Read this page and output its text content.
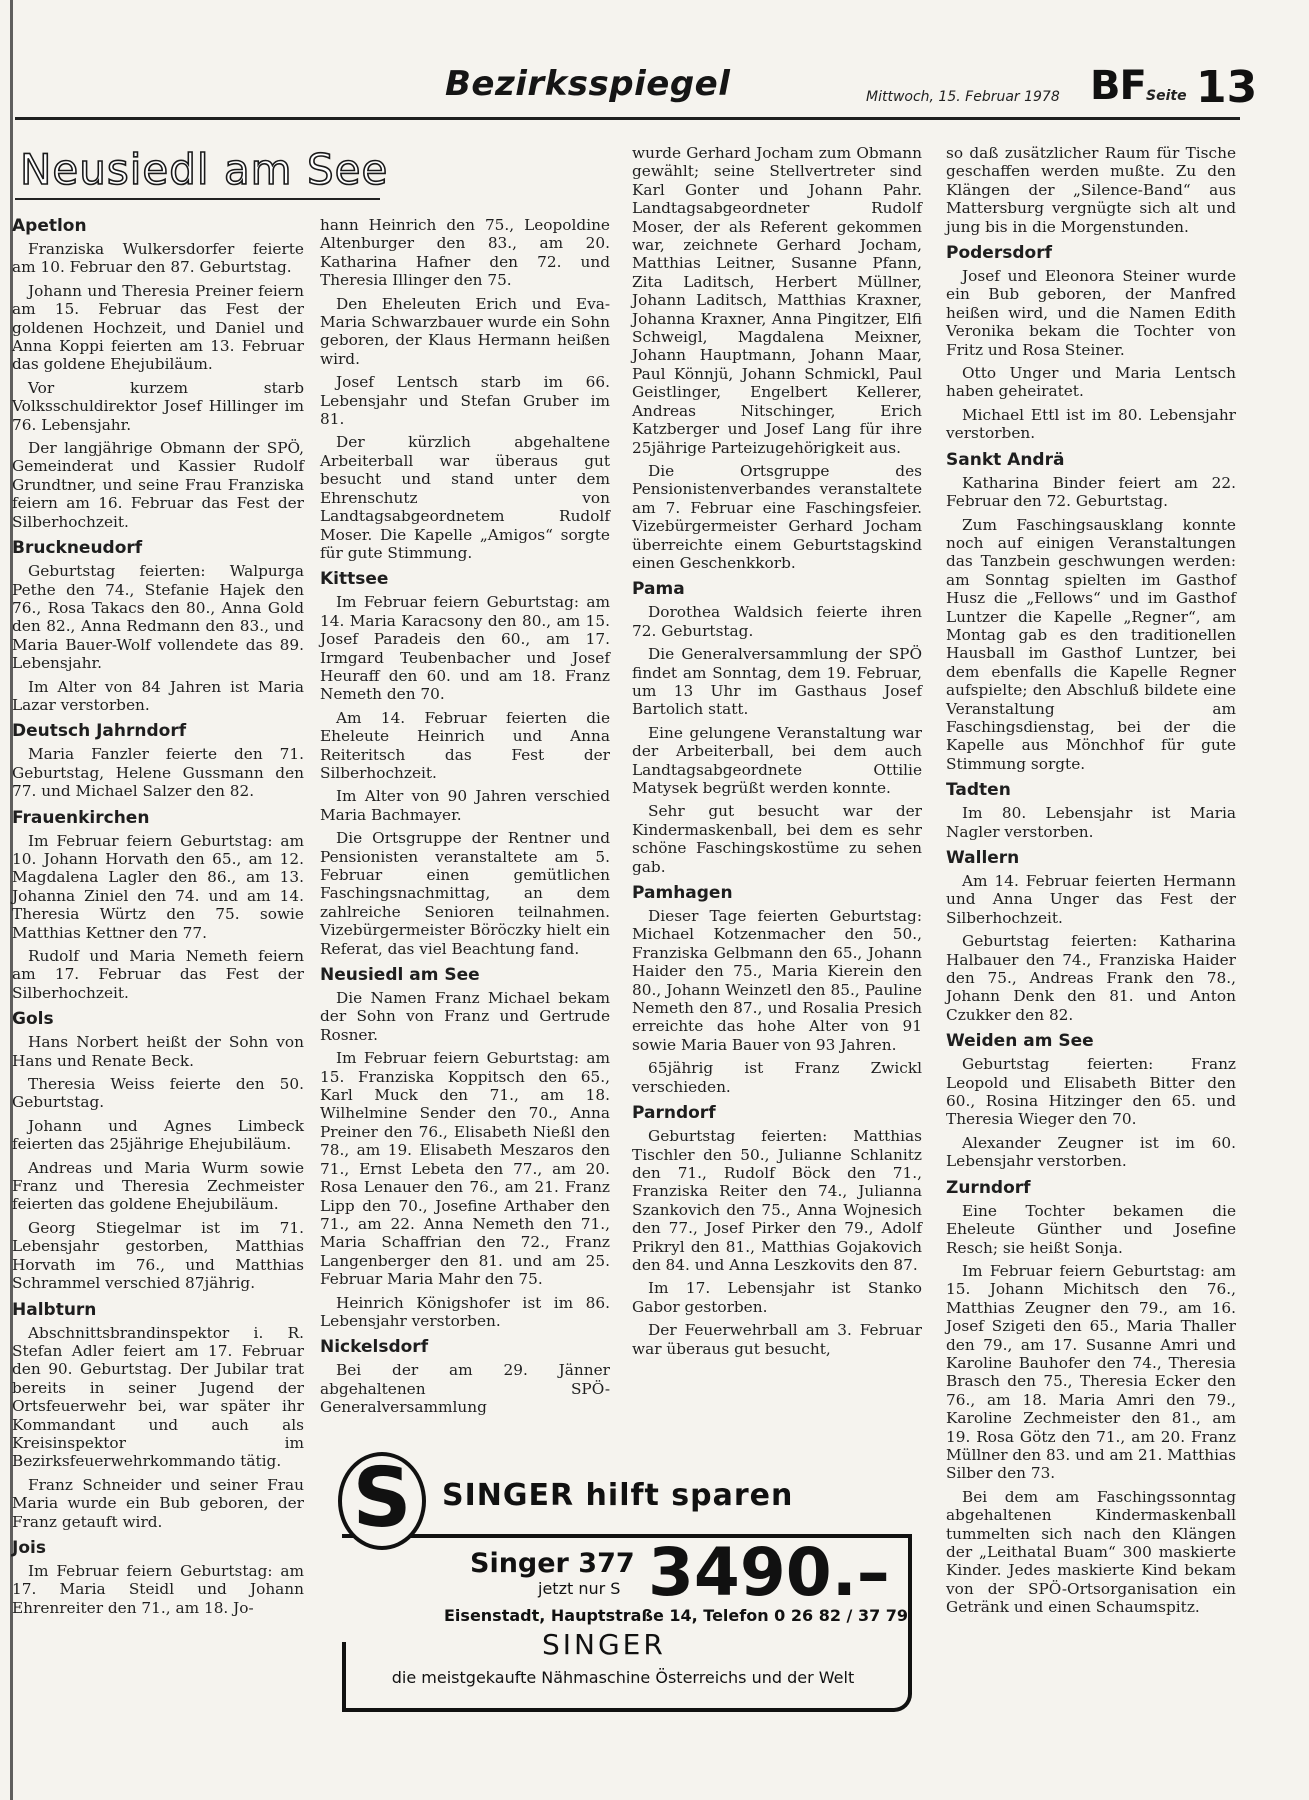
Bezirksspiegel	Mittwoch, 15. Februar 1978 BF Seite 13
Neusiedl am See
Apetlon

Franziska Wulkersdorfer feierte am 10. Februar den 87. Geburtstag.

Johann und Theresia Preiner feiern am 15. Februar das Fest der goldenen Hochzeit, und Daniel und Anna Koppi feierten am 13. Februar das goldene Ehejubiläum.

Vor kurzem starb Volksschuldirektor Josef Hillinger im 76. Lebensjahr.

Der langjährige Obmann der SPÖ, Gemeinderat und Kassier Rudolf Grundtner, und seine Frau Franziska feiern am 16. Februar das Fest der Silberhochzeit.

Bruckneudorf

Geburtstag feierten: Walpurga Pethe den 74., Stefanie Hajek den 76., Rosa Takacs den 80., Anna Gold den 82., Anna Redmann den 83., und Maria Bauer-Wolf vollendete das 89. Lebensjahr.

Im Alter von 84 Jahren ist Maria Lazar verstorben.

Deutsch Jahrndorf

Maria Fanzler feierte den 71. Geburtstag, Helene Gussmann den 77. und Michael Salzer den 82.

Frauenkirchen

Im Februar feiern Geburtstag: am 10. Johann Horvath den 65., am 12. Magdalena Lagler den 86., am 13. Johanna Ziniel den 74. und am 14. Theresia Würtz den 75. sowie Matthias Kettner den 77.

Rudolf und Maria Nemeth feiern am 17. Februar das Fest der Silberhochzeit.

Gols

Hans Norbert heißt der Sohn von Hans und Renate Beck.

Theresia Weiss feierte den 50. Geburtstag.

Johann und Agnes Limbeck feierten das 25jährige Ehejubiläum.

Andreas und Maria Wurm sowie Franz und Theresia Zechmeister feierten das goldene Ehejubiläum.

Georg Stiegelmar ist im 71. Lebensjahr gestorben, Matthias Horvath im 76., und Matthias Schrammel verschied 87jährig.

Halbturn

Abschnittsbrandinspektor i. R. Stefan Adler feiert am 17. Februar den 90. Geburtstag. Der Jubilar trat bereits in seiner Jugend der Ortsfeuerwehr bei, war später ihr Kommandant und auch als Kreisinspektor im Bezirksfeuerwehrkommando tätig.

Franz Schneider und seiner Frau Maria wurde ein Bub geboren, der Franz getauft wird.

Jois

Im Februar feiern Geburtstag: am 17. Maria Steidl und Johann Ehrenreiter den 71., am 18. Jo-

hann Heinrich den 75., Leopoldine Altenburger den 83., am 20. Katharina Hafner den 72. und Theresia Illinger den 75.

Den Eheleuten Erich und Eva-Maria Schwarzbauer wurde ein Sohn geboren, der Klaus Hermann heißen wird.

Josef Lentsch starb im 66. Lebensjahr und Stefan Gruber im 81.

Der kürzlich abgehaltene Arbeiterball war überaus gut besucht und stand unter dem Ehrenschutz von Landtagsabgeordnetem Rudolf Moser. Die Kapelle „Amigos“ sorgte für gute Stimmung.

Kittsee

Im Februar feiern Geburtstag: am 14. Maria Karacsony den 80., am 15. Josef Paradeis den 60., am 17. Irmgard Teubenbacher und Josef Heuraff den 60. und am 18. Franz Nemeth den 70.

Am 14. Februar feierten die Eheleute Heinrich und Anna Reiteritsch das Fest der Silberhochzeit.

Im Alter von 90 Jahren verschied Maria Bachmayer.

Die Ortsgruppe der Rentner und Pensionisten veranstaltete am 5. Februar einen gemütlichen Faschingsnachmittag, an dem zahlreiche Senioren teilnahmen. Vizebürgermeister Böröczky hielt ein Referat, das viel Beachtung fand.

Neusiedl am See

Die Namen Franz Michael bekam der Sohn von Franz und Gertrude Rosner.

Im Februar feiern Geburtstag: am 15. Franziska Koppitsch den 65., Karl Muck den 71., am 18. Wilhelmine Sender den 70., Anna Preiner den 76., Elisabeth Nießl den 78., am 19. Elisabeth Meszaros den 71., Ernst Lebeta den 77., am 20. Rosa Lenauer den 76., am 21. Franz Lipp den 70., Josefine Arthaber den 71., am 22. Anna Nemeth den 71., Maria Schaffrian den 72., Franz Langenberger den 81. und am 25. Februar Maria Mahr den 75.

Heinrich Königshofer ist im 86. Lebensjahr verstorben.

Nickelsdorf

Bei der am 29. Jänner abgehaltenen SPÖ-Generalversammlung

wurde Gerhard Jocham zum Obmann gewählt; seine Stellvertreter sind Karl Gonter und Johann Pahr. Landtagsabgeordneter Rudolf Moser, der als Referent gekommen war, zeichnete Gerhard Jocham, Matthias Leitner, Susanne Pfann, Zita Laditsch, Herbert Müllner, Johann Laditsch, Matthias Kraxner, Johanna Kraxner, Anna Pingitzer, Elfi Schweigl, Magdalena Meixner, Johann Hauptmann, Johann Maar, Paul Könnjü, Johann Schmickl, Paul Geistlinger, Engelbert Kellerer, Andreas Nitschinger, Erich Katzberger und Josef Lang für ihre 25jährige Parteizugehörigkeit aus.

Die Ortsgruppe des Pensionistenverbandes veranstaltete am 7. Februar eine Faschingsfeier. Vizebürgermeister Gerhard Jocham überreichte einem Geburtstagskind einen Geschenkkorb.

Pama

Dorothea Waldsich feierte ihren 72. Geburtstag.

Die Generalversammlung der SPÖ findet am Sonntag, dem 19. Februar, um 13 Uhr im Gasthaus Josef Bartolich statt.

Eine gelungene Veranstaltung war der Arbeiterball, bei dem auch Landtagsabgeordnete Ottilie Matysek begrüßt werden konnte.

Sehr gut besucht war der Kindermaskenball, bei dem es sehr schöne Faschingskostüme zu sehen gab.

Pamhagen

Dieser Tage feierten Geburtstag: Michael Kotzenmacher den 50., Franziska Gelbmann den 65., Johann Haider den 75., Maria Kierein den 80., Johann Weinzetl den 85., Pauline Nemeth den 87., und Rosalia Presich erreichte das hohe Alter von 91 sowie Maria Bauer von 93 Jahren.

65jährig ist Franz Zwickl verschieden.

Parndorf

Geburtstag feierten: Matthias Tischler den 50., Julianne Schlanitz den 71., Rudolf Böck den 71., Franziska Reiter den 74., Julianna Szankovich den 75., Anna Wojnesich den 77., Josef Pirker den 79., Adolf Prikryl den 81., Matthias Gojakovich den 84. und Anna Leszkovits den 87.

Im 17. Lebensjahr ist Stanko Gabor gestorben.

Der Feuerwehrball am 3. Februar war überaus gut besucht,

so daß zusätzlicher Raum für Tische geschaffen werden mußte. Zu den Klängen der „Silence-Band“ aus Mattersburg vergnügte sich alt und jung bis in die Morgenstunden.

Podersdorf

Josef und Eleonora Steiner wurde ein Bub geboren, der Manfred heißen wird, und die Namen Edith Veronika bekam die Tochter von Fritz und Rosa Steiner.

Otto Unger und Maria Lentsch haben geheiratet.

Michael Ettl ist im 80. Lebensjahr verstorben.

Sankt Andrä

Katharina Binder feiert am 22. Februar den 72. Geburtstag.

Zum Faschingsausklang konnte noch auf einigen Veranstaltungen das Tanzbein geschwungen werden: am Sonntag spielten im Gasthof Husz die „Fellows“ und im Gasthof Luntzer die Kapelle „Regner“, am Montag gab es den traditionellen Hausball im Gasthof Luntzer, bei dem ebenfalls die Kapelle Regner aufspielte; den Abschluß bildete eine Veranstaltung am Faschingsdienstag, bei der die Kapelle aus Mönchhof für gute Stimmung sorgte.

Tadten

Im 80. Lebensjahr ist Maria Nagler verstorben.

Wallern

Am 14. Februar feierten Hermann und Anna Unger das Fest der Silberhochzeit.

Geburtstag feierten: Katharina Halbauer den 74., Franziska Haider den 75., Andreas Frank den 78., Johann Denk den 81. und Anton Czukker den 82.

Weiden am See

Geburtstag feierten: Franz Leopold und Elisabeth Bitter den 60., Rosina Hitzinger den 65. und Theresia Wieger den 70.

Alexander Zeugner ist im 60. Lebensjahr verstorben.

Zurndorf

Eine Tochter bekamen die Eheleute Günther und Josefine Resch; sie heißt Sonja.

Im Februar feiern Geburtstag: am 15. Johann Michitsch den 76., Matthias Zeugner den 79., am 16. Josef Szigeti den 65., Maria Thaller den 79., am 17. Susanne Amri und Karoline Bauhofer den 74., Theresia Brasch den 75., Theresia Ecker den 76., am 18. Maria Amri den 79., Karoline Zechmeister den 81., am 19. Rosa Götz den 71., am 20. Franz Müllner den 83. und am 21. Matthias Silber den 73.

Bei dem am Faschingssonntag abgehaltenen Kindermaskenball tummelten sich nach den Klängen der „Leithatal Buam“ 300 maskierte Kinder. Jedes maskierte Kind bekam von der SPÖ-Ortsorganisation ein Getränk und einen Schaumspitz.

S SINGER hilft sparen
Singer 377
jetzt nur S 3490.–
Eisenstadt, Hauptstraße 14, Telefon 0 26 82 / 37 79
SINGER
die meistgekaufte Nähmaschine Österreichs und der Welt
